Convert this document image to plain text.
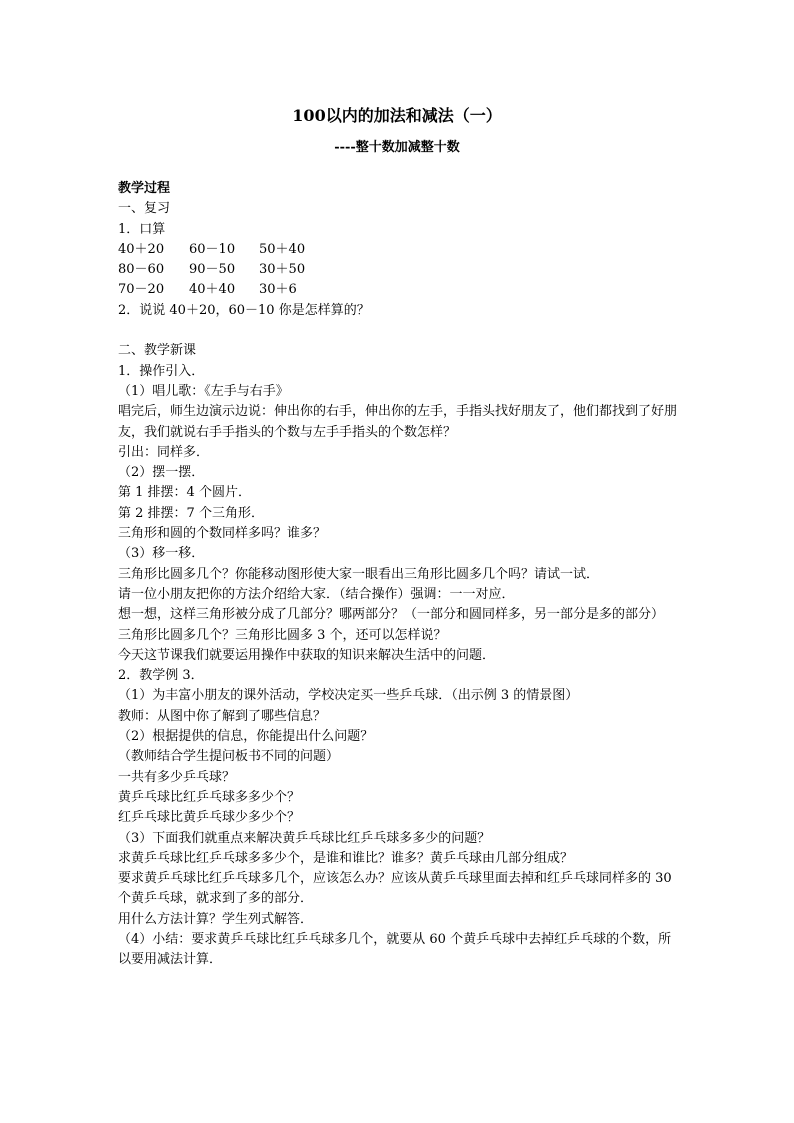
100以内的加法和减法（一）
----整十数加减整十数

教学过程

一、复习

1．口算

40＋20	60－10	50＋40
80－60	90－50	30＋50
70－20	40＋40	30＋6

2．说说 40＋20，60－10 你是怎样算的？

二、教学新课

1．操作引入．

（1）唱儿歌：《左手与右手》

唱完后，师生边演示边说：伸出你的右手，伸出你的左手，手指头找好朋友了，他们都找到了好朋友，我们就说右手手指头的个数与左手手指头的个数怎样？

引出：同样多．

（2）摆一摆．

第 1 排摆：4 个圆片．

第 2 排摆：7 个三角形．

三角形和圆的个数同样多吗？谁多？

（3）移一移．

三角形比圆多几个？你能移动图形使大家一眼看出三角形比圆多几个吗？请试一试．

请一位小朋友把你的方法介绍给大家．（结合操作）强调：一一对应．

想一想，这样三角形被分成了几部分？哪两部分？（一部分和圆同样多，另一部分是多的部分）

三角形比圆多几个？三角形比圆多 3 个，还可以怎样说？

今天这节课我们就要运用操作中获取的知识来解决生活中的问题．

2．教学例 3．

（1）为丰富小朋友的课外活动，学校决定买一些乒乓球．（出示例 3 的情景图）

教师：从图中你了解到了哪些信息？

（2）根据提供的信息，你能提出什么问题？

（教师结合学生提问板书不同的问题）

一共有多少乒乓球？

黄乒乓球比红乒乓球多多少个？

红乒乓球比黄乒乓球少多少个？

（3）下面我们就重点来解决黄乒乓球比红乒乓球多多少的问题？

求黄乒乓球比红乒乓球多多少个，是谁和谁比？谁多？黄乒乓球由几部分组成？

要求黄乒乓球比红乒乓球多几个，应该怎么办？应该从黄乒乓球里面去掉和红乒乓球同样多的 30 个黄乒乓球，就求到了多的部分．

用什么方法计算？学生列式解答．

（4）小结：要求黄乒乓球比红乒乓球多几个，就要从 60 个黄乒乓球中去掉红乒乓球的个数，所以要用减法计算．
